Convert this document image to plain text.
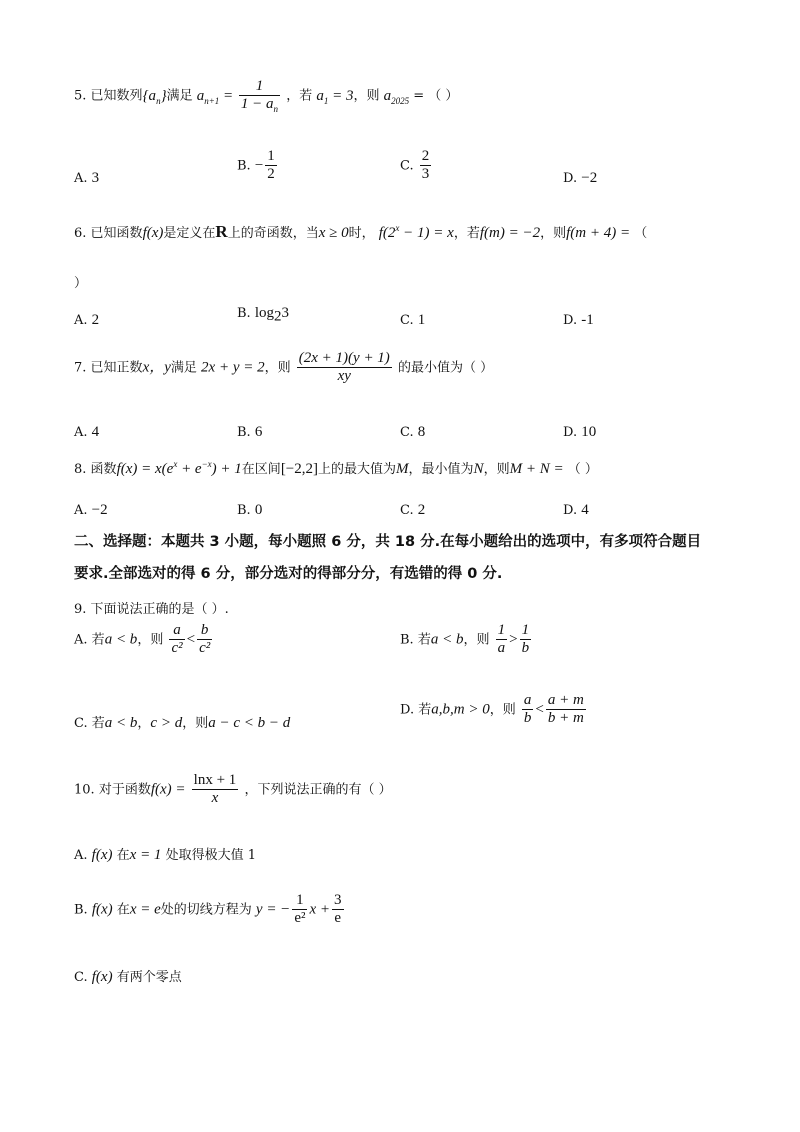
5. 已知数列$\{a_n\}$满足 $a_{n+1} = \frac{1}{1 - a_n}$ ，若 $a_1 = 3$，则 $a_{2025}$ = （ ）
A. 3
B. − $\frac{1}{2}$	C. $\frac{2}{3}$	D. −2
6. 已知函数f(x)是定义在R上的奇函数，当x ≥ 0时， $f(2^x - 1) = x$，若f(m) = −2，则f(m + 4) = （
）
A. 2	B. $\log_23$	C. 1	D. -1
7. 已知正数x，y满足 2x + y = 2，则 $\frac{(2x + 1)(y + 1)}{xy}$ 的最小值为（ ）
A. 4	B. 6	C. 8	D. 10
8. 函数$f(x) = x(e^x + e^{-x}) + 1$在区间[−2,2]上的最大值为M，最小值为N，则M + N = （ ）
A. −2	B. 0	C. 2	D. 4
二、选择题：本题共 3 小题，每小题照 6 分，共 18 分.在每小题给出的选项中，有多项符合题目
要求.全部选对的得 6 分，部分选对的得部分分，有选错的得 0 分.
9. 下面说法正确的是（ ）.
A. 若a < b，则 $\frac{a}{\text{c²}} < \frac{b}{\text{c²}}$	B. 若a < b，则 $\frac{1}{a} > \frac{1}{b}$
C. 若a < b，c > d，则a − c < b − d
D. 若a,b,m > 0，则 $\frac{a}{b} < \frac{a + m}{b + m}$
10. 对于函数$f(x) = \frac{\ln x + 1}{x}$ ，下列说法正确的有（ ）
A. f(x) 在x = 1 处取得极大值 1
B. f(x) 在x = e处的切线方程为 y = − $\frac{1}{\text{e²}}$ $x + \frac{3}{e}$
C. f(x) 有两个零点
